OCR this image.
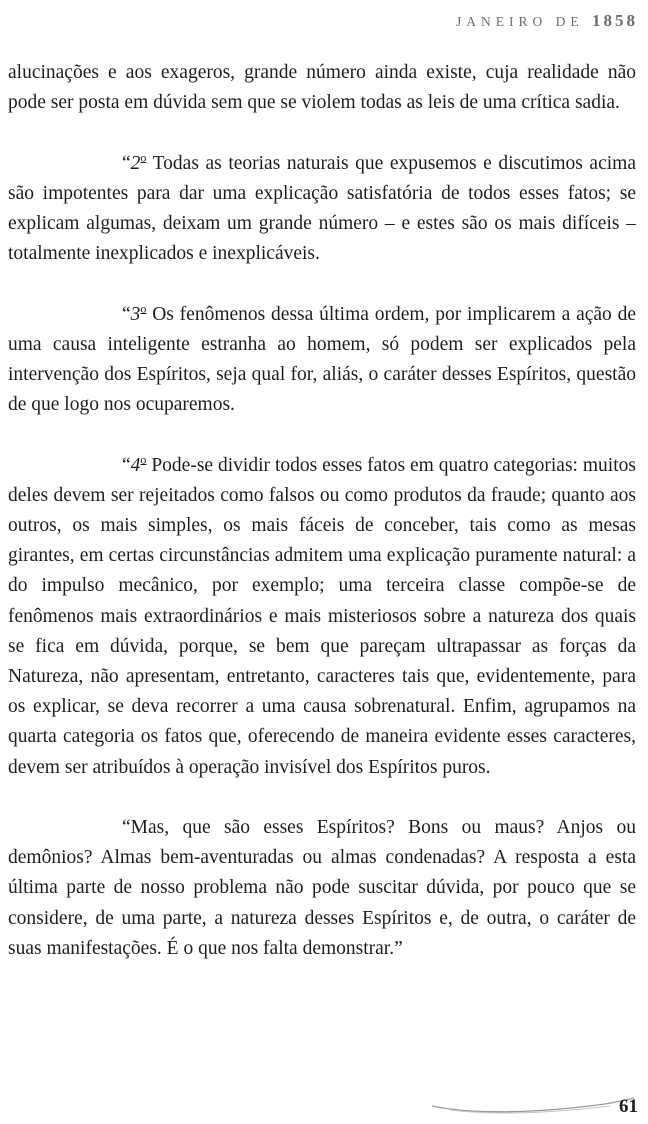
JANEIRO DE 1858

alucinações e aos exageros, grande número ainda existe, cuja realidade não pode ser posta em dúvida sem que se violem todas as leis de uma crítica sadia.

“2$^o$ Todas as teorias naturais que expusemos e discutimos acima são impotentes para dar uma explicação satisfatória de todos esses fatos; se explicam algumas, deixam um grande número – e estes são os mais difíceis – totalmente inexplicados e inexplicáveis.

“3$^o$ Os fenômenos dessa última ordem, por implicarem a ação de uma causa inteligente estranha ao homem, só podem ser explicados pela intervenção dos Espíritos, seja qual for, aliás, o caráter desses Espíritos, questão de que logo nos ocuparemos.

“4$^o$ Pode-se dividir todos esses fatos em quatro categorias: muitos deles devem ser rejeitados como falsos ou como produtos da fraude; quanto aos outros, os mais simples, os mais fáceis de conceber, tais como as mesas girantes, em certas circunstâncias admitem uma explicação puramente natural: a do impulso mecânico, por exemplo; uma terceira classe compõe-se de fenômenos mais extraordinários e mais misteriosos sobre a natureza dos quais se fica em dúvida, porque, se bem que pareçam ultrapassar as forças da Natureza, não apresentam, entretanto, caracteres tais que, evidentemente, para os explicar, se deva recorrer a uma causa sobrenatural. Enfim, agrupamos na quarta categoria os fatos que, oferecendo de maneira evidente esses caracteres, devem ser atribuídos à operação invisível dos Espíritos puros.

“Mas, que são esses Espíritos? Bons ou maus? Anjos ou demônios? Almas bem-aventuradas ou almas condenadas? A resposta a esta última parte de nosso problema não pode suscitar dúvida, por pouco que se considere, de uma parte, a natureza desses Espíritos e, de outra, o caráter de suas manifestações. É o que nos falta demonstrar.”

61
